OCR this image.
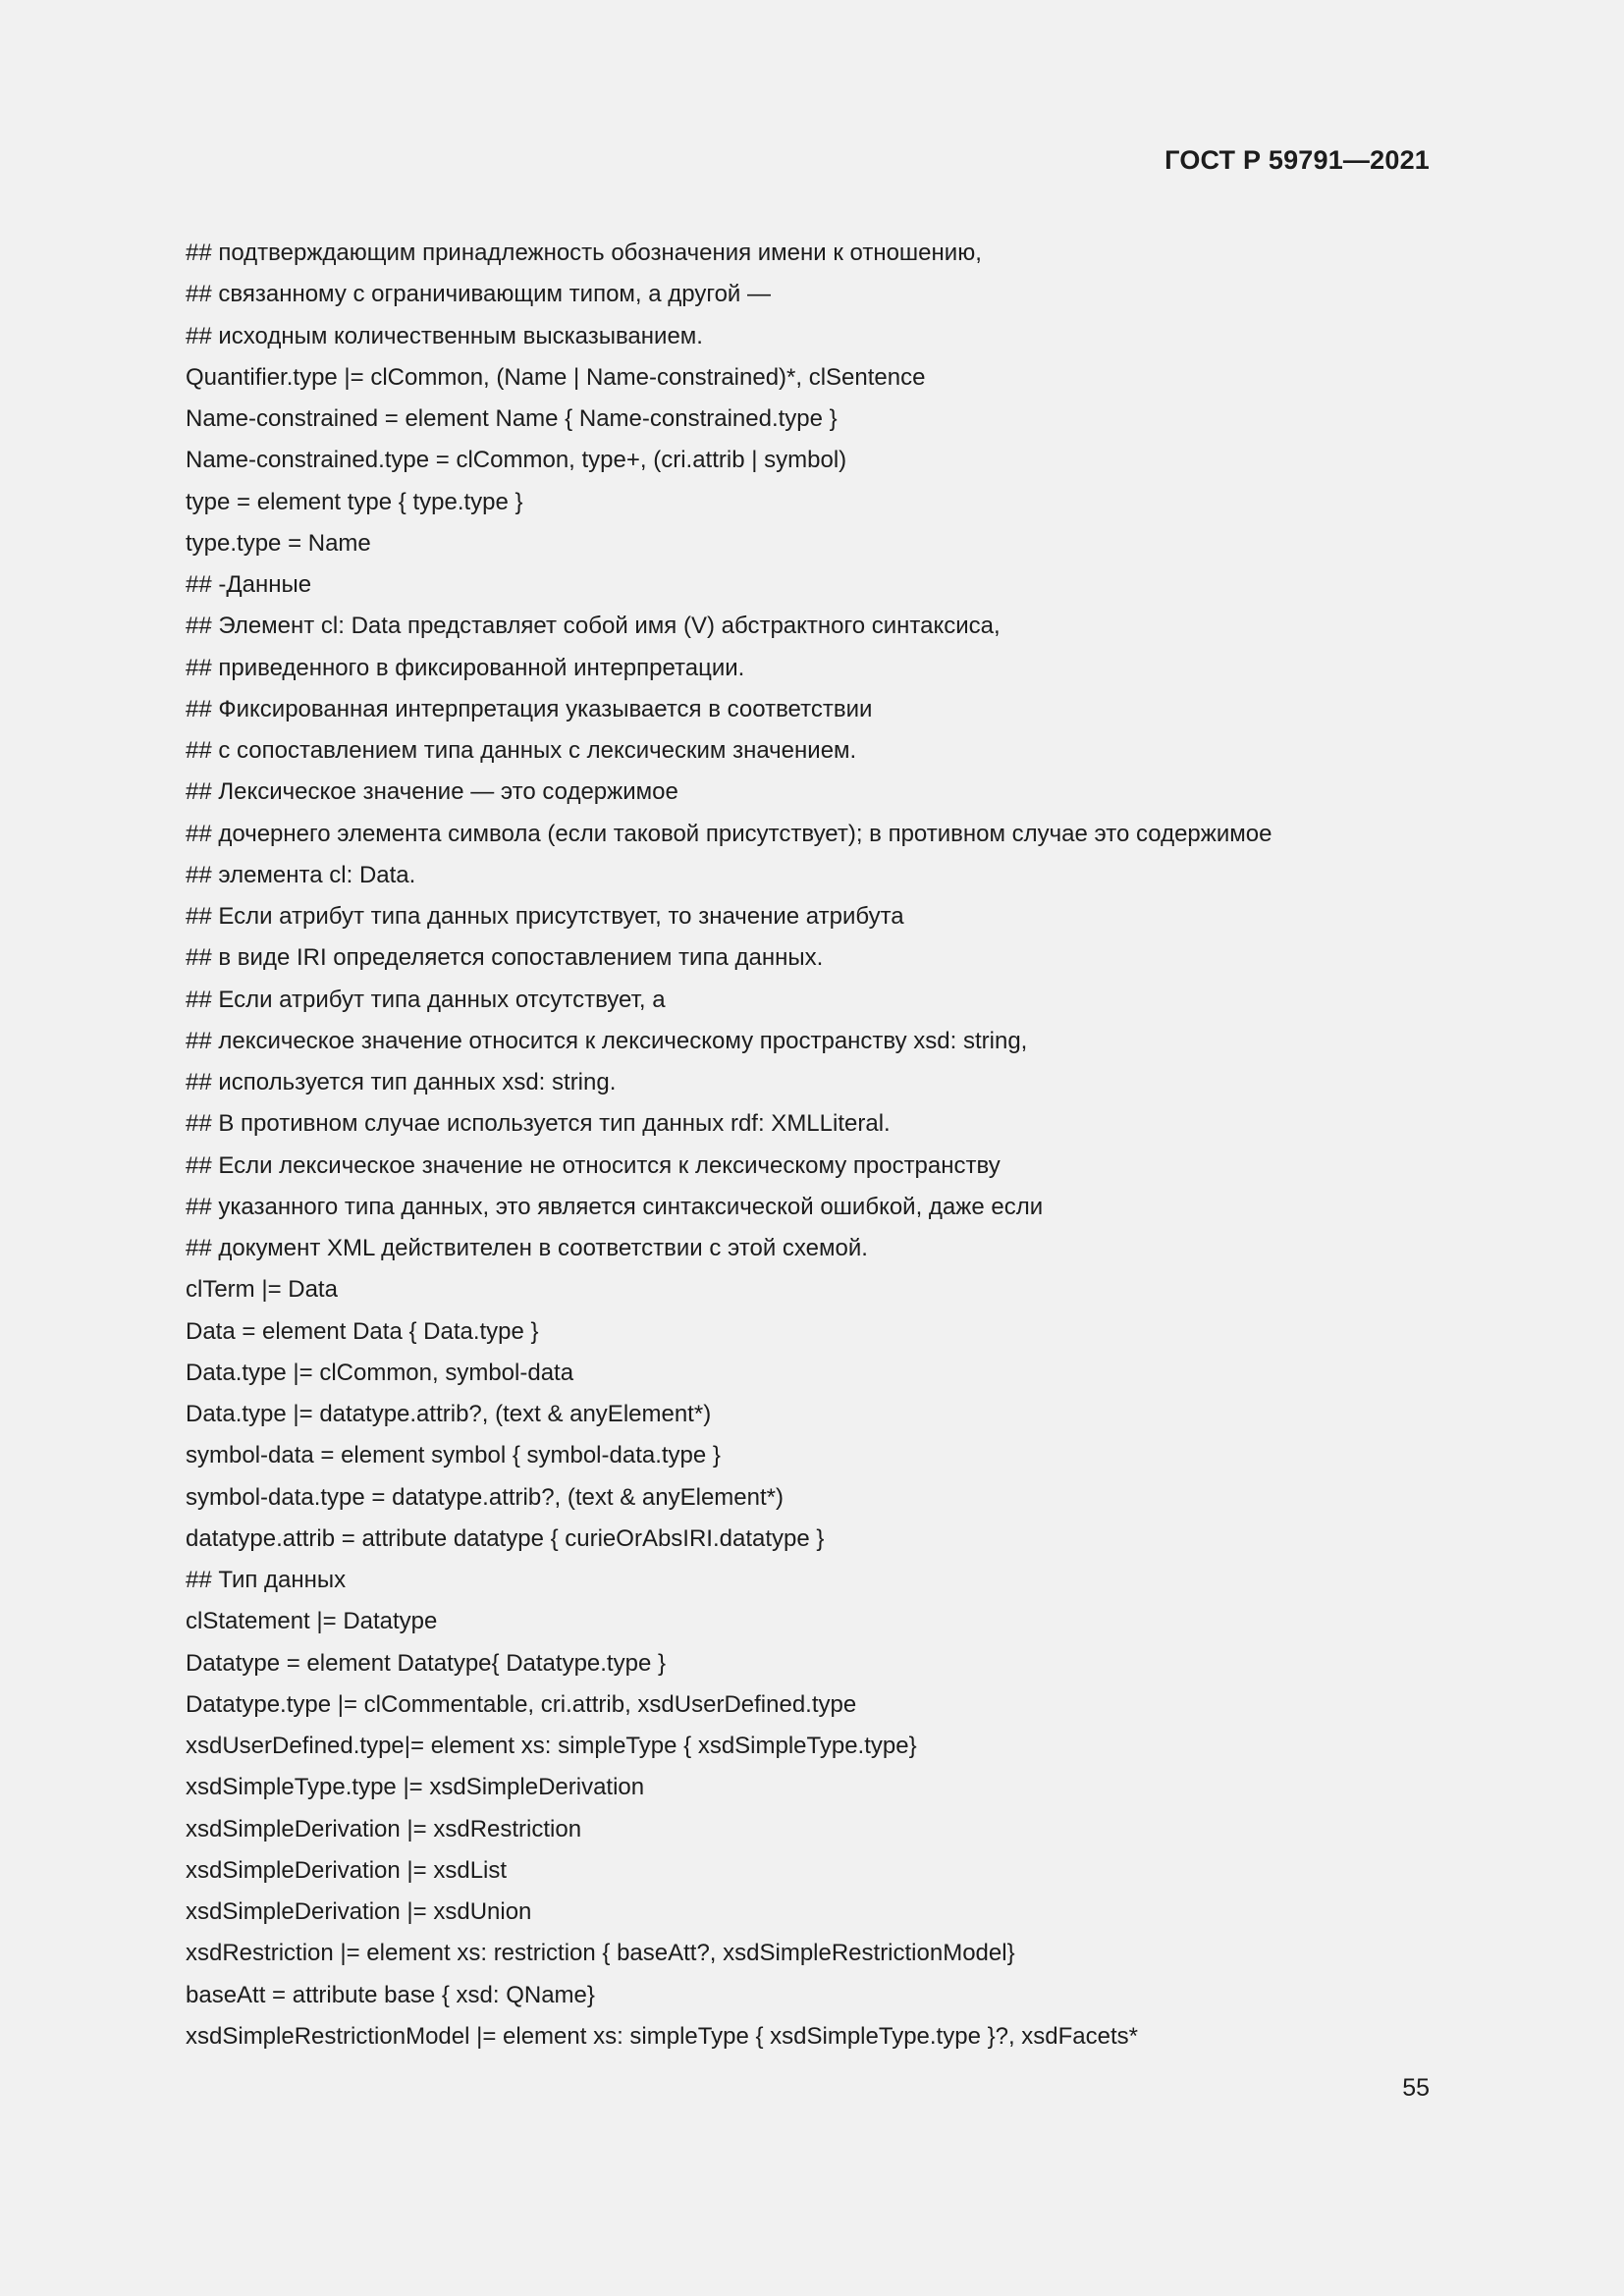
ГОСТ Р 59791—2021
## подтверждающим принадлежность обозначения имени к отношению,
## связанному с ограничивающим типом, а другой —
## исходным количественным высказыванием.
Quantifier.type |= clCommon, (Name | Name-constrained)*, clSentence
Name-constrained = element Name { Name-constrained.type }
Name-constrained.type = clCommon, type+, (cri.attrib | symbol)
type = element type { type.type }
type.type = Name
## -Данные
## Элемент cl: Data представляет собой имя (V) абстрактного синтаксиса,
## приведенного в фиксированной интерпретации.
## Фиксированная интерпретация указывается в соответствии
## с сопоставлением типа данных с лексическим значением.
## Лексическое значение — это содержимое
## дочернего элемента символа (если таковой присутствует); в противном случае это содержимое
## элемента cl: Data.
## Если атрибут типа данных присутствует, то значение атрибута
## в виде IRI определяется сопоставлением типа данных.
## Если атрибут типа данных отсутствует, а
## лексическое значение относится к лексическому пространству xsd: string,
## используется тип данных xsd: string.
## В противном случае используется тип данных rdf: XMLLiteral.
## Если лексическое значение не относится к лексическому пространству
## указанного типа данных, это является синтаксической ошибкой, даже если
## документ XML действителен в соответствии с этой схемой.
clTerm |= Data
Data = element Data { Data.type }
Data.type |= clCommon, symbol-data
Data.type |= datatype.attrib?, (text & anyElement*)
symbol-data = element symbol { symbol-data.type }
symbol-data.type = datatype.attrib?, (text & anyElement*)
datatype.attrib = attribute datatype { curieOrAbsIRI.datatype }
## Тип данных
clStatement |= Datatype
Datatype = element Datatype{ Datatype.type }
Datatype.type |= clCommentable, cri.attrib, xsdUserDefined.type
xsdUserDefined.type|= element xs: simpleType { xsdSimpleType.type}
xsdSimpleType.type |= xsdSimpleDerivation
xsdSimpleDerivation |= xsdRestriction
xsdSimpleDerivation |= xsdList
xsdSimpleDerivation |= xsdUnion
xsdRestriction |= element xs: restriction { baseAtt?, xsdSimpleRestrictionModel}
baseAtt = attribute base { xsd: QName}
xsdSimpleRestrictionModel |= element xs: simpleType { xsdSimpleType.type }?, xsdFacets*
55
